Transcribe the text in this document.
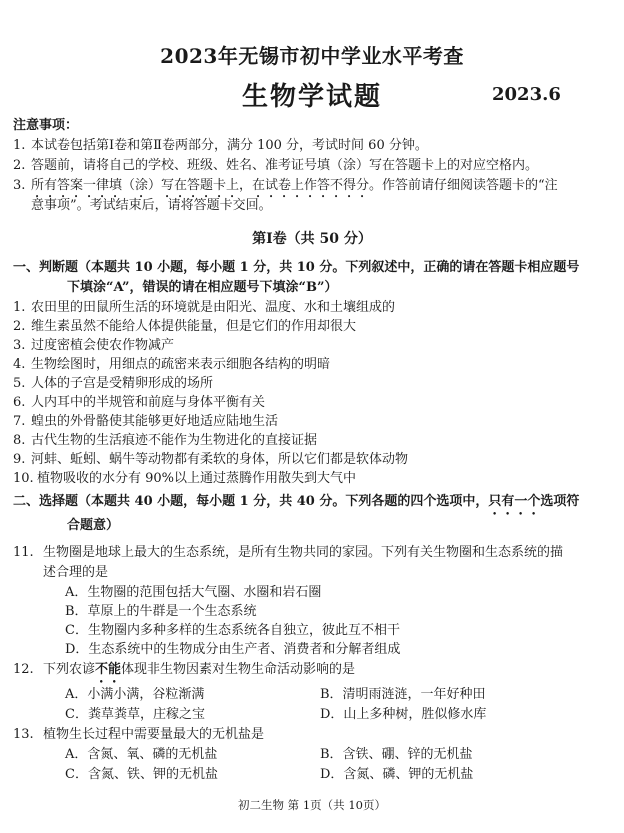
2023年无锡市初中学业水平考查
生物学试题	2023.6
注意事项：
1. 本试卷包括第Ⅰ卷和第Ⅱ卷两部分，满分 100 分，考试时间 60 分钟。
2. 答题前，请将自己的学校、班级、姓名、准考证号填（涂）写在答题卡上的对应空格内。
3. 所有答案一律填（涂）写在答题卡上，在试卷上作答不得分。作答前请仔细阅读答题卡的“注
意事项”。考试结束后，请将答题卡交回。
第Ⅰ卷（共 50 分）
一、判断题（本题共 10 小题，每小题 1 分，共 10 分。下列叙述中，正确的请在答题卡相应题号
下填涂“A”，错误的请在相应题号下填涂“B”）
1. 农田里的田鼠所生活的环境就是由阳光、温度、水和土壤组成的
2. 维生素虽然不能给人体提供能量，但是它们的作用却很大
3. 过度密植会使农作物减产
4. 生物绘图时，用细点的疏密来表示细胞各结构的明暗
5. 人体的子宫是受精卵形成的场所
6. 人内耳中的半规管和前庭与身体平衡有关
7. 蝗虫的外骨骼使其能够更好地适应陆地生活
8. 古代生物的生活痕迹不能作为生物进化的直接证据
9. 河蚌、蚯蚓、蜗牛等动物都有柔软的身体，所以它们都是软体动物
10. 植物吸收的水分有 90%以上通过蒸腾作用散失到大气中
二、选择题（本题共 40 小题，每小题 1 分，共 40 分。下列各题的四个选项中，只有一个选项符
合题意）
11. 生物圈是地球上最大的生态系统，是所有生物共同的家园。下列有关生物圈和生态系统的描
述合理的是
A．生物圈的范围包括大气圈、水圈和岩石圈
B．草原上的牛群是一个生态系统
C．生物圈内多种多样的生态系统各自独立，彼此互不相干
D．生态系统中的生物成分由生产者、消费者和分解者组成
12. 下列农谚不能体现非生物因素对生物生命活动影响的是
A．小满小满，谷粒渐满	B．清明雨涟涟，一年好种田
C．粪草粪草，庄稼之宝	D．山上多种树，胜似修水库
13. 植物生长过程中需要量最大的无机盐是
A．含氮、氧、磷的无机盐	B．含铁、硼、锌的无机盐
C．含氮、铁、钾的无机盐	D．含氮、磷、钾的无机盐
初二生物 第 1页（共 10页）
